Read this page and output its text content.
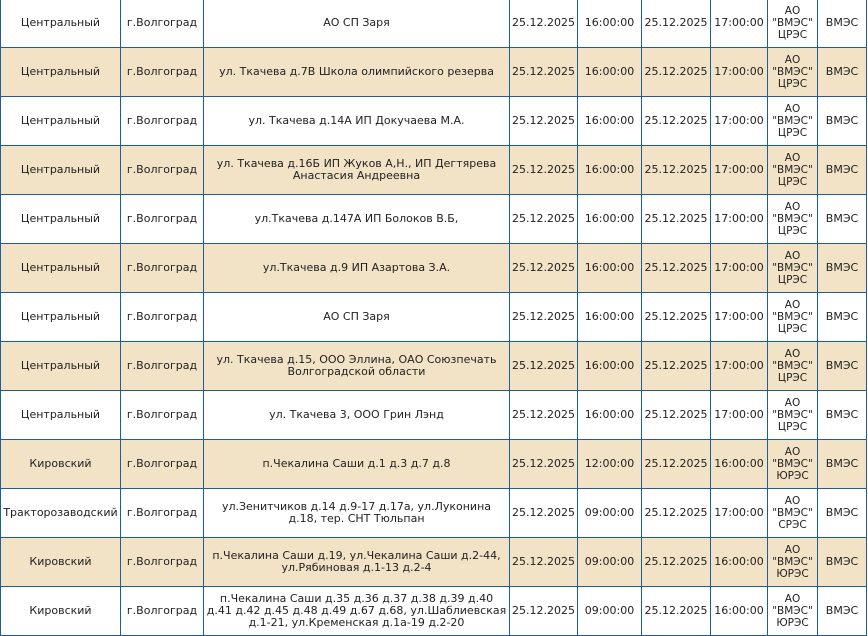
Центральный	г.Волгоград	АО СП Заря	25.12.2025	16:00:00	25.12.2025	17:00:00	АО "ВМЭС" ЦРЭС	ВМЭС
Центральный	г.Волгоград	ул. Ткачева д.7В Школа олимпийского резерва	25.12.2025	16:00:00	25.12.2025	17:00:00	АО "ВМЭС" ЦРЭС	ВМЭС
Центральный	г.Волгоград	ул. Ткачева д.14А ИП Докучаева М.А.	25.12.2025	16:00:00	25.12.2025	17:00:00	АО "ВМЭС" ЦРЭС	ВМЭС
Центральный	г.Волгоград	ул. Ткачева д.16Б ИП Жуков А,Н., ИП Дегтярева Анастасия Андреевна	25.12.2025	16:00:00	25.12.2025	17:00:00	АО "ВМЭС" ЦРЭС	ВМЭС
Центральный	г.Волгоград	ул.Ткачева д.147А ИП Болоков В.Б,	25.12.2025	16:00:00	25.12.2025	17:00:00	АО "ВМЭС" ЦРЭС	ВМЭС
Центральный	г.Волгоград	ул.Ткачева д.9 ИП Азартова З.А.	25.12.2025	16:00:00	25.12.2025	17:00:00	АО "ВМЭС" ЦРЭС	ВМЭС
Центральный	г.Волгоград	АО СП Заря	25.12.2025	16:00:00	25.12.2025	17:00:00	АО "ВМЭС" ЦРЭС	ВМЭС
Центральный	г.Волгоград	ул. Ткачева д.15, ООО Эллина, ОАО Союзпечать Волгоградской области	25.12.2025	16:00:00	25.12.2025	17:00:00	АО "ВМЭС" ЦРЭС	ВМЭС
Центральный	г.Волгоград	ул. Ткачева 3, ООО Грин Лэнд	25.12.2025	16:00:00	25.12.2025	17:00:00	АО "ВМЭС" ЦРЭС	ВМЭС
Кировский	г.Волгоград	п.Чекалина Саши д.1 д.3 д.7 д.8	25.12.2025	12:00:00	25.12.2025	16:00:00	АО "ВМЭС" ЮРЭС	ВМЭС
Тракторозаводский	г.Волгоград	ул.Зенитчиков д.14 д.9-17 д.17а, ул.Луконина д.18, тер. СНТ Тюльпан	25.12.2025	09:00:00	25.12.2025	17:00:00	АО "ВМЭС" СРЭС	ВМЭС
Кировский	г.Волгоград	п.Чекалина Саши д.19, ул.Чекалина Саши д.2-44, ул.Рябиновая д.1-13 д.2-4	25.12.2025	09:00:00	25.12.2025	16:00:00	АО "ВМЭС" ЮРЭС	ВМЭС
Кировский	г.Волгоград	п.Чекалина Саши д.35 д.36 д.37 д.38 д.39 д.40 д.41 д.42 д.45 д.48 д.49 д.67 д.68, ул.Шаблиевская д.1-21, ул.Кременская д.1а-19 д.2-20	25.12.2025	09:00:00	25.12.2025	16:00:00	АО "ВМЭС" ЮРЭС	ВМЭС
